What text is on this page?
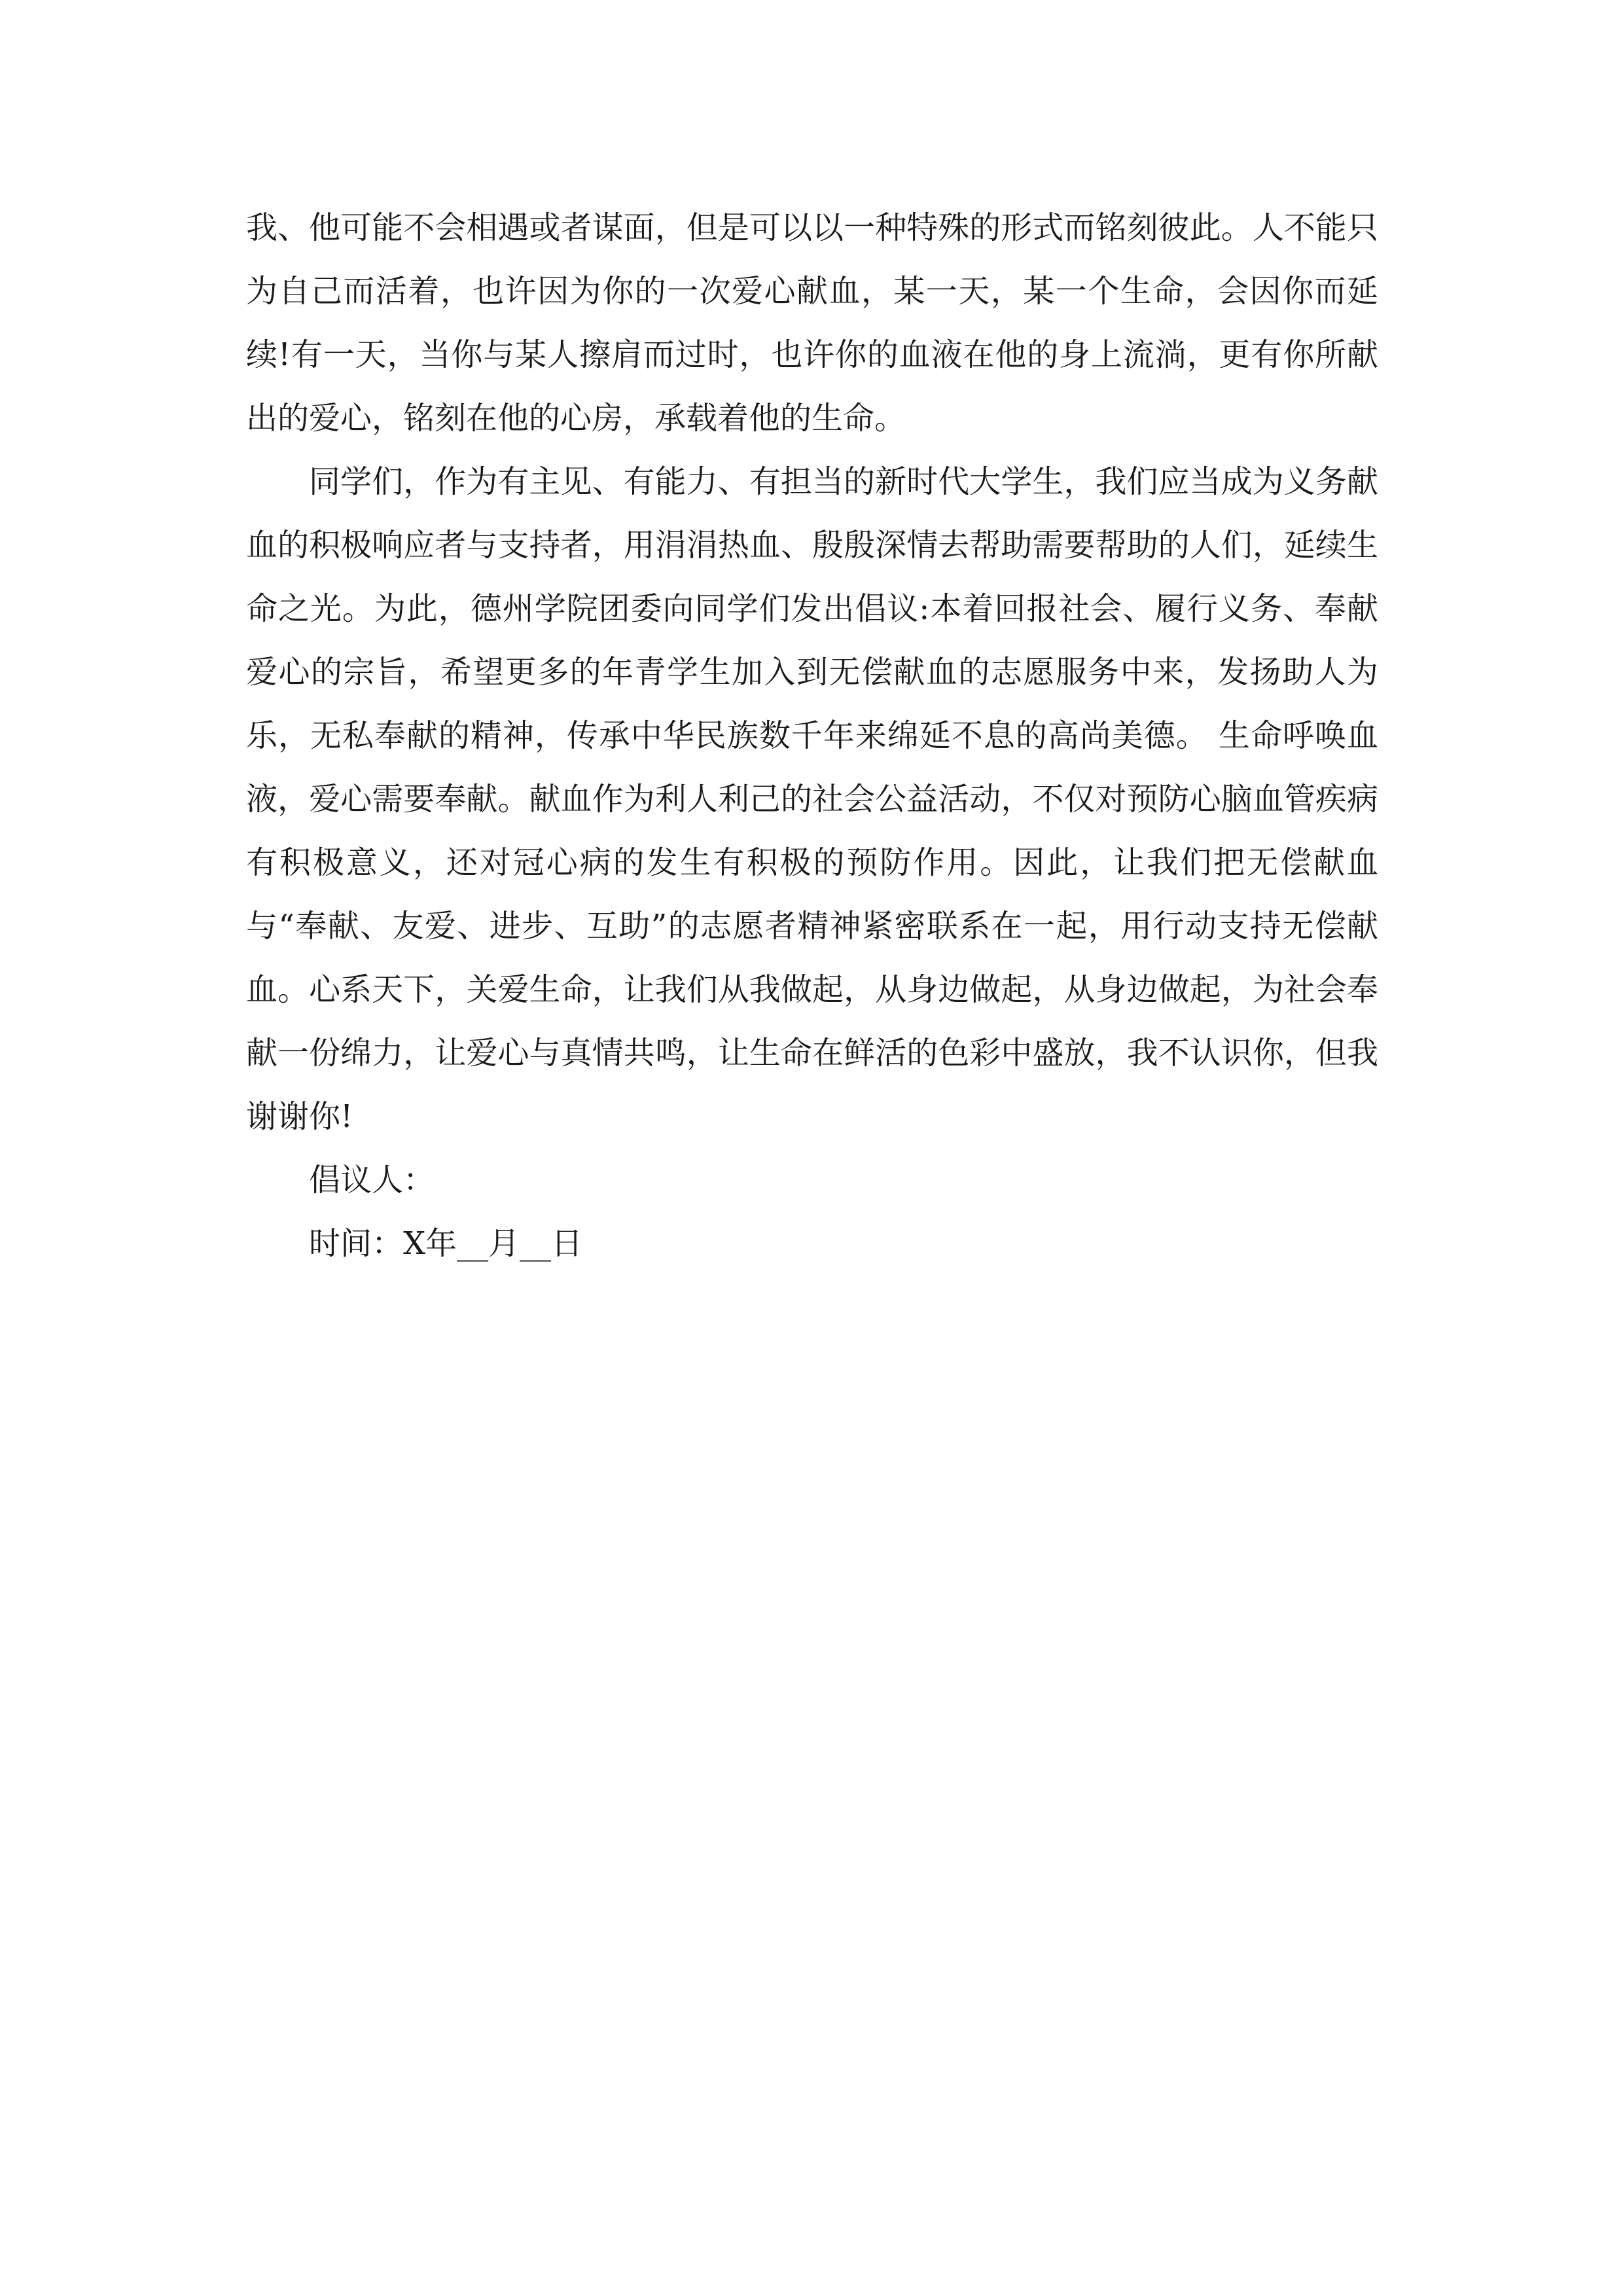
我、他可能不会相遇或者谋面，但是可以以一种特殊的形式而铭刻彼此。人不能只为自己而活着，也许因为你的一次爱心献血，某一天，某一个生命，会因你而延续!有一天，当你与某人擦肩而过时，也许你的血液在他的身上流淌，更有你所献出的爱心，铭刻在他的心房，承载着他的生命。

同学们，作为有主见、有能力、有担当的新时代大学生，我们应当成为义务献血的积极响应者与支持者，用涓涓热血、殷殷深情去帮助需要帮助的人们，延续生命之光。为此，德州学院团委向同学们发出倡议:本着回报社会、履行义务、奉献爱心的宗旨，希望更多的年青学生加入到无偿献血的志愿服务中来，发扬助人为乐，无私奉献的精神，传承中华民族数千年来绵延不息的高尚美德。 生命呼唤血液，爱心需要奉献。献血作为利人利己的社会公益活动，不仅对预防心脑血管疾病有积极意义，还对冠心病的发生有积极的预防作用。因此，让我们把无偿献血与“奉献、友爱、进步、互助”的志愿者精神紧密联系在一起，用行动支持无偿献血。心系天下，关爱生命，让我们从我做起，从身边做起，从身边做起，为社会奉献一份绵力，让爱心与真情共鸣，让生命在鲜活的色彩中盛放，我不认识你，但我谢谢你!

倡议人：

时间：X年__月__日
